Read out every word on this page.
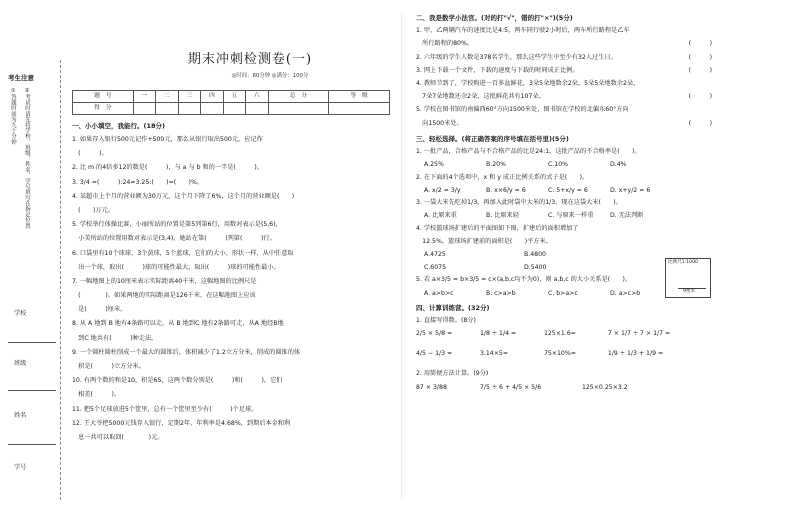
考生注意
①答题时间为九十分钟	②考试时请先将学校、班级、姓名、学号填写在指定位置
学校
班级
姓名
学号
期末冲刺检测卷(一)
◎时间：60分钟 ◎满分：100分
题　号	一	二	三	四	五	六	总　分	等　级
得　分								
一、小小填空，我能行。(18分)
1. 如果存入银行500元记作+500元，那么从银行取出500元，应记作
　(　　　)。
2. 比 m 的4倍多12的数是(　　　)，与 a 与 b 和的一半是(　　　)。
3. 3/4 =(　　　):24=3.25:(　　)=(　　)%。
4. 某超市上个月的营业额为30万元，这个月下降了6%，这个月的营业额是(　　)
　(　　)万元。
5. 学校举行体操比赛，小丽所站的位置是第5列第6行，用数对表示是(5,6)，
　小美所站的位置用数对表示是(3,4)，她站在第(　　　)列第(　　　)行。
6. 口袋里有10个球球，3个黄球，5个蓝球，它们的大小、形状一样，从中任意取
　出一个球，取出(　　　)球的可能性最大，取出(　　　)球的可能性最小。
7. 一幅地图上的10厘米表示实际距离40千米，这幅地图的比例尺是
　(　　　　)。如果两地的实际距离是126千米，在这幅地图上应该
　是(　　　)厘米。
8. 从 A 地到 B 地有4条路可以走，从 B 地到C 地有2条路可走，从A 地经B地
　到C 地共有(　　　)种走法。
9. 一个圆柱圆柱削成一个最大的圆锥后，体积减少了1.2立方分米，削成的圆锥的体
　积是(　　　)立方分米。
10. 有两个数的和是10，积是65，这两个数分别是(　　　)和(　　　)，它们
　相差(　　　)。
11. 把5个足球放进5个筐里，总有一个筐里至少有(　　　)个足球。
12. 王大爷把5000元钱存入银行，定期2年，年利率是4.68%，到期后本金和利
　息一共可以取回(　　　　)元。
二、我是数学小法官。(对的打"√"，错的打"×")(5分)
1. 甲、乙两辆汽车的速度比是4:5，两车同行驶2小时后，两车所行路程是乙车
　所行路程的80%。	(　　　)
2. 六年级的学生人数是378名学生，那么这些学生中至少有32人过生日。	(　　　)
3. 网上下载一个文件，下载的速度与下载的时间成正比例。	(　　　)
4. 教师节到了，学校购进一百多盆鲜花，3朵5朵地数余2朵，5朵5朵地数余2朵，
　7朵7朵地数还余2朵，这批鲜花共有107朵。	(　　　)
5. 学校在图书馆的南偏西60°方向1500米处，图书馆在学校的北偏东60°方向
　向1500米处。	(　　　)
三、轻松选择。(将正确答案的序号填在括号里)(5分)
1. 一批产品，合格产品与不合格产品的比是24:1，这批产品的不合格率是(　　)。
A.25%	B.20%	C.10%	D.4%
2. 在下面的4个选项中，x 和 y 成正比例关系的式子是(　　)。
A. x/2 = 3/y	B. x×6/y = 6	C. 5+x/y = 6	D. x+y/2 = 6
3. 一袋大米先吃掉1/3，再加入此时袋中大米的1/3，现在这袋大米(　　)。
A. 比原来重	B. 比原来轻	C. 与原来一样重	D. 无法判断
4. 学校篮球场扩建后的平面图如下图，扩建后的面积增加了
　12.5%，篮球场扩建前的面积是(　　)平方米。
A.4725	B.4800
C.6075	D.5400
5. 若 a×3/5 = b×3/5 = c×(a,b,c均不为0)，则 a,b,c 的大小关系是(　　)。
A. a>b>c	B. c>a>b	C. b>a>c	D. a>c>b
四、计算训练营。(32分)
1. 直接写得数。(8分)
2/5 × 5/8 =	1/8 ÷ 1/4 =	125×1.6=	7 × 1/7 ÷ 7 × 1/7 =
4/5 − 1/3 =	3.14×5=	75×10%=	1/9 ÷ 1/3 + 1/9 =
2. 用简便方法计算。(9分)
87 × 3/88	7/5 ÷ 6 + 4/5 × 5/6	125×0.25×3.2
比例尺1:1000
9厘米
